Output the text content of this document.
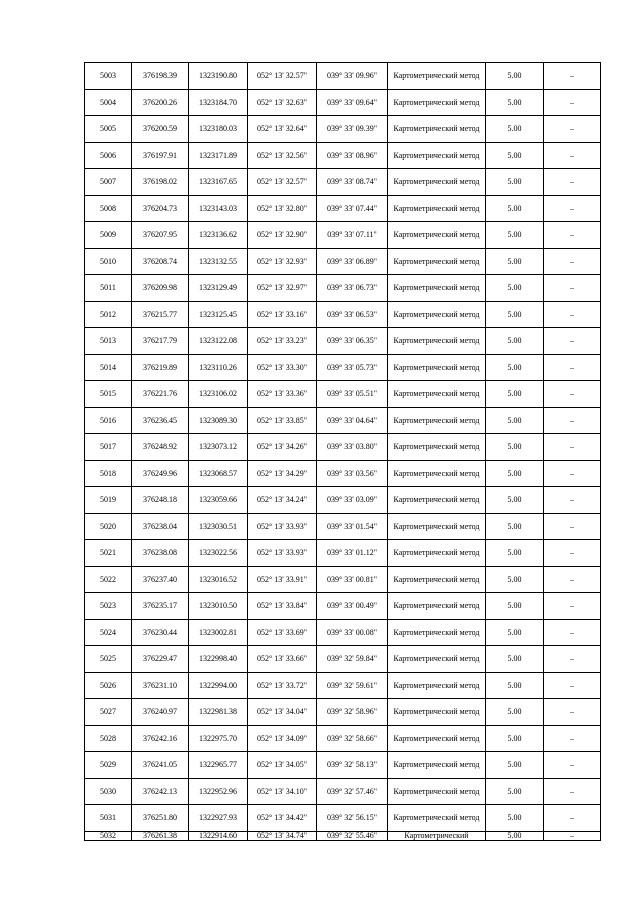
5003	376198.39	1323190.80	052° 13' 32.57"	039° 33' 09.96"	Картометрический метод	5.00	–
5004	376200.26	1323184.70	052° 13' 32.63"	039° 33' 09.64"	Картометрический метод	5.00	–
5005	376200.59	1323180.03	052° 13' 32.64"	039° 33' 09.39"	Картометрический метод	5.00	–
5006	376197.91	1323171.89	052° 13' 32.56"	039° 33' 08.96"	Картометрический метод	5.00	–
5007	376198.02	1323167.65	052° 13' 32.57"	039° 33' 08.74"	Картометрический метод	5.00	–
5008	376204.73	1323143.03	052° 13' 32.80"	039° 33' 07.44"	Картометрический метод	5.00	–
5009	376207.95	1323136.62	052° 13' 32.90"	039° 33' 07.11"	Картометрический метод	5.00	–
5010	376208.74	1323132.55	052° 13' 32.93"	039° 33' 06.89"	Картометрический метод	5.00	–
5011	376209.98	1323129.49	052° 13' 32.97"	039° 33' 06.73"	Картометрический метод	5.00	–
5012	376215.77	1323125.45	052° 13' 33.16"	039° 33' 06.53"	Картометрический метод	5.00	–
5013	376217.79	1323122.08	052° 13' 33.23"	039° 33' 06.35"	Картометрический метод	5.00	–
5014	376219.89	1323110.26	052° 13' 33.30"	039° 33' 05.73"	Картометрический метод	5.00	–
5015	376221.76	1323106.02	052° 13' 33.36"	039° 33' 05.51"	Картометрический метод	5.00	–
5016	376236.45	1323089.30	052° 13' 33.85"	039° 33' 04.64"	Картометрический метод	5.00	–
5017	376248.92	1323073.12	052° 13' 34.26"	039° 33' 03.80"	Картометрический метод	5.00	–
5018	376249.96	1323068.57	052° 13' 34.29"	039° 33' 03.56"	Картометрический метод	5.00	–
5019	376248.18	1323059.66	052° 13' 34.24"	039° 33' 03.09"	Картометрический метод	5.00	–
5020	376238.04	1323030.51	052° 13' 33.93"	039° 33' 01.54"	Картометрический метод	5.00	–
5021	376238.08	1323022.56	052° 13' 33.93"	039° 33' 01.12"	Картометрический метод	5.00	–
5022	376237.40	1323016.52	052° 13' 33.91"	039° 33' 00.81"	Картометрический метод	5.00	–
5023	376235.17	1323010.50	052° 13' 33.84"	039° 33' 00.49"	Картометрический метод	5.00	–
5024	376230.44	1323002.81	052° 13' 33.69"	039° 33' 00.08"	Картометрический метод	5.00	–
5025	376229.47	1322998.40	052° 13' 33.66"	039° 32' 59.84"	Картометрический метод	5.00	–
5026	376231.10	1322994.00	052° 13' 33.72"	039° 32' 59.61"	Картометрический метод	5.00	–
5027	376240.97	1322981.38	052° 13' 34.04"	039° 32' 58.96"	Картометрический метод	5.00	–
5028	376242.16	1322975.70	052° 13' 34.09"	039° 32' 58.66"	Картометрический метод	5.00	–
5029	376241.05	1322965.77	052° 13' 34.05"	039° 32' 58.13"	Картометрический метод	5.00	–
5030	376242.13	1322952.96	052° 13' 34.10"	039° 32' 57.46"	Картометрический метод	5.00	–
5031	376251.80	1322927.93	052° 13' 34.42"	039° 32' 56.15"	Картометрический метод	5.00	–
5032	376261.38	1322914.60	052° 13' 34.74"	039° 32' 55.46"	Картометрический	5.00	–
